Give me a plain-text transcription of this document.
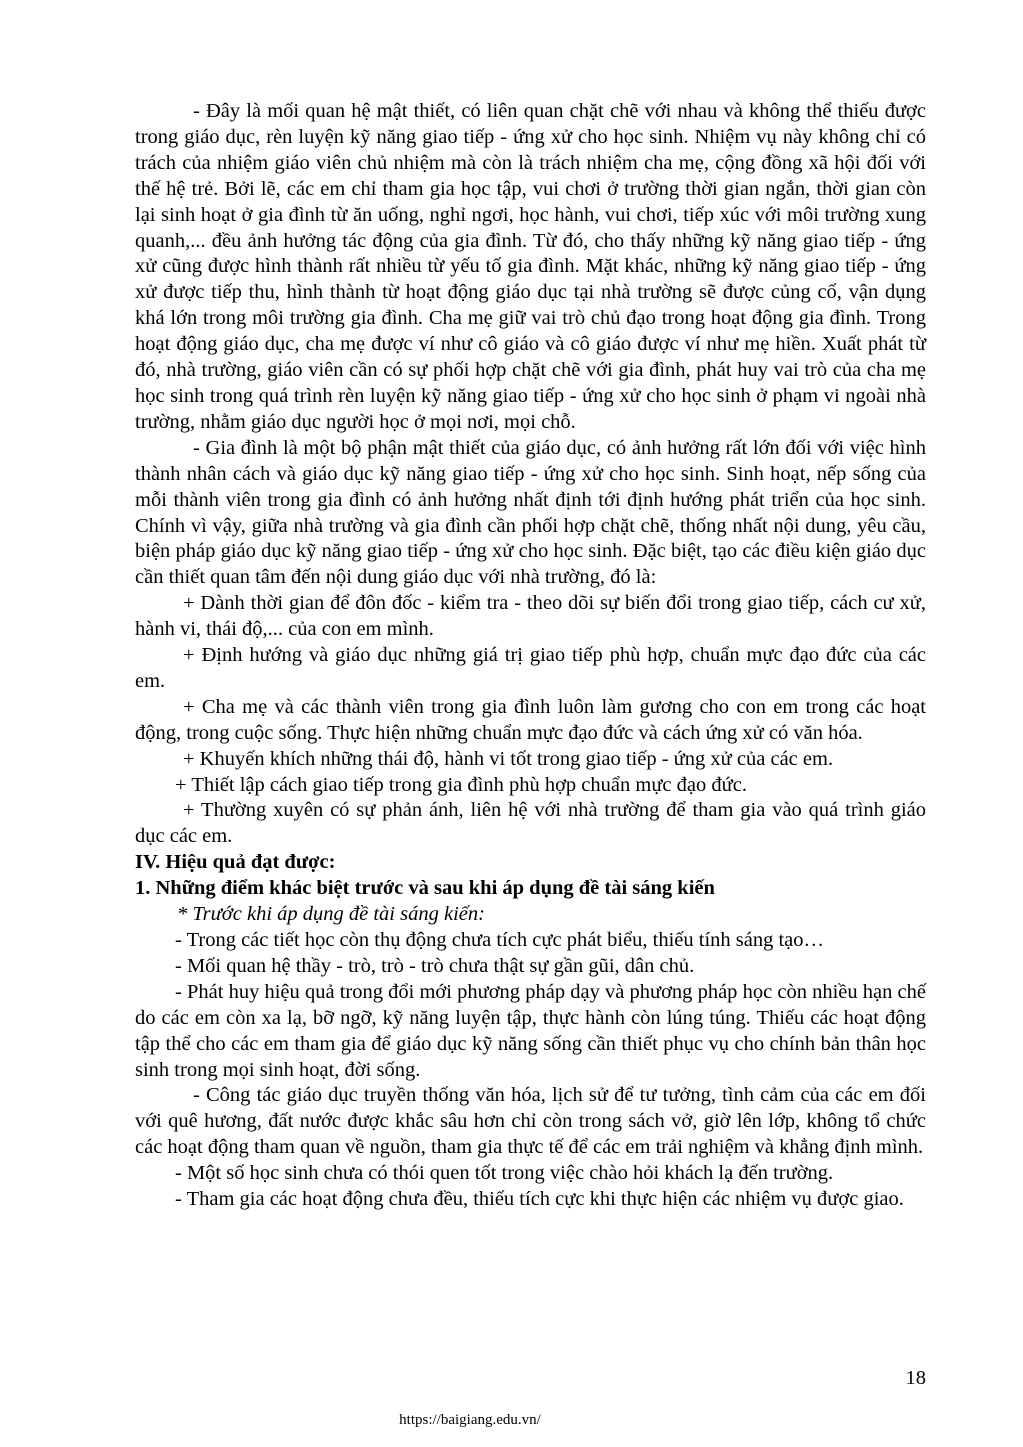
- Đây là mối quan hệ mật thiết, có liên quan chặt chẽ với nhau và không thể thiếu được trong giáo dục, rèn luyện kỹ năng giao tiếp - ứng xử cho học sinh. Nhiệm vụ này không chỉ có trách của nhiệm giáo viên chủ nhiệm mà còn là trách nhiệm cha mẹ, cộng đồng xã hội đối với thế hệ trẻ. Bởi lẽ, các em chỉ tham gia học tập, vui chơi ở trường thời gian ngắn, thời gian còn lại sinh hoạt ở gia đình từ ăn uống, nghỉ ngơi, học hành, vui chơi, tiếp xúc với môi trường xung quanh,... đều ảnh hưởng tác động của gia đình. Từ đó, cho thấy những kỹ năng giao tiếp - ứng xử cũng được hình thành rất nhiều từ yếu tố gia đình. Mặt khác, những kỹ năng giao tiếp - ứng xử được tiếp thu, hình thành từ hoạt động giáo dục tại nhà trường sẽ được củng cố, vận dụng khá lớn trong môi trường gia đình. Cha mẹ giữ vai trò chủ đạo trong hoạt động gia đình. Trong hoạt động giáo dục, cha mẹ được ví như cô giáo và cô giáo được ví như mẹ hiền. Xuất phát từ đó, nhà trường, giáo viên cần có sự phối hợp chặt chẽ với gia đình, phát huy vai trò của cha mẹ học sinh trong quá trình rèn luyện kỹ năng giao tiếp - ứng xử cho học sinh ở phạm vi ngoài nhà trường, nhằm giáo dục người học ở mọi nơi, mọi chỗ.

- Gia đình là một bộ phận mật thiết của giáo dục, có ảnh hưởng rất lớn đối với việc hình thành nhân cách và giáo dục kỹ năng giao tiếp - ứng xử cho học sinh. Sinh hoạt, nếp sống của mỗi thành viên trong gia đình có ảnh hưởng nhất định tới định hướng phát triển của học sinh. Chính vì vậy, giữa nhà trường và gia đình cần phối hợp chặt chẽ, thống nhất nội dung, yêu cầu, biện pháp giáo dục kỹ năng giao tiếp - ứng xử cho học sinh. Đặc biệt, tạo các điều kiện giáo dục cần thiết quan tâm đến nội dung giáo dục với nhà trường, đó là:

+ Dành thời gian để đôn đốc - kiểm tra - theo dõi sự biến đổi trong giao tiếp, cách cư xử, hành vi, thái độ,... của con em mình.

+ Định hướng và giáo dục những giá trị giao tiếp phù hợp, chuẩn mực đạo đức của các em.

+ Cha mẹ và các thành viên trong gia đình luôn làm gương cho con em trong các hoạt động, trong cuộc sống. Thực hiện những chuẩn mực đạo đức và cách ứng xử có văn hóa.

+ Khuyến khích những thái độ, hành vi tốt trong giao tiếp - ứng xử của các em.

+ Thiết lập cách giao tiếp trong gia đình phù hợp chuẩn mực đạo đức.

+ Thường xuyên có sự phản ánh, liên hệ với nhà trường để tham gia vào quá trình giáo dục các em.

IV. Hiệu quả đạt được:

1. Những điểm khác biệt trước và sau khi áp dụng đề tài sáng kiến

* Trước khi áp dụng đề tài sáng kiến:

- Trong các tiết học còn thụ động chưa tích cực phát biểu, thiếu tính sáng tạo…

- Mối quan hệ thầy - trò, trò - trò chưa thật sự gần gũi, dân chủ.

- Phát huy hiệu quả trong đổi mới phương pháp dạy và phương pháp học còn nhiều hạn chế do các em còn xa lạ, bỡ ngỡ, kỹ năng luyện tập, thực hành còn lúng túng. Thiếu các hoạt động tập thể cho các em tham gia để giáo dục kỹ năng sống cần thiết phục vụ cho chính bản thân học sinh trong mọi sinh hoạt, đời sống.

- Công tác giáo dục truyền thống văn hóa, lịch sử để tư tưởng, tình cảm của các em đối với quê hương, đất nước được khắc sâu hơn chỉ còn trong sách vở, giờ lên lớp, không tổ chức các hoạt động tham quan về nguồn, tham gia thực tế để các em trải nghiệm và khẳng định mình.

- Một số học sinh chưa có thói quen tốt trong việc chào hỏi khách lạ đến trường.

- Tham gia các hoạt động chưa đều, thiếu tích cực khi thực hiện các nhiệm vụ được giao.

18
https://baigiang.edu.vn/
